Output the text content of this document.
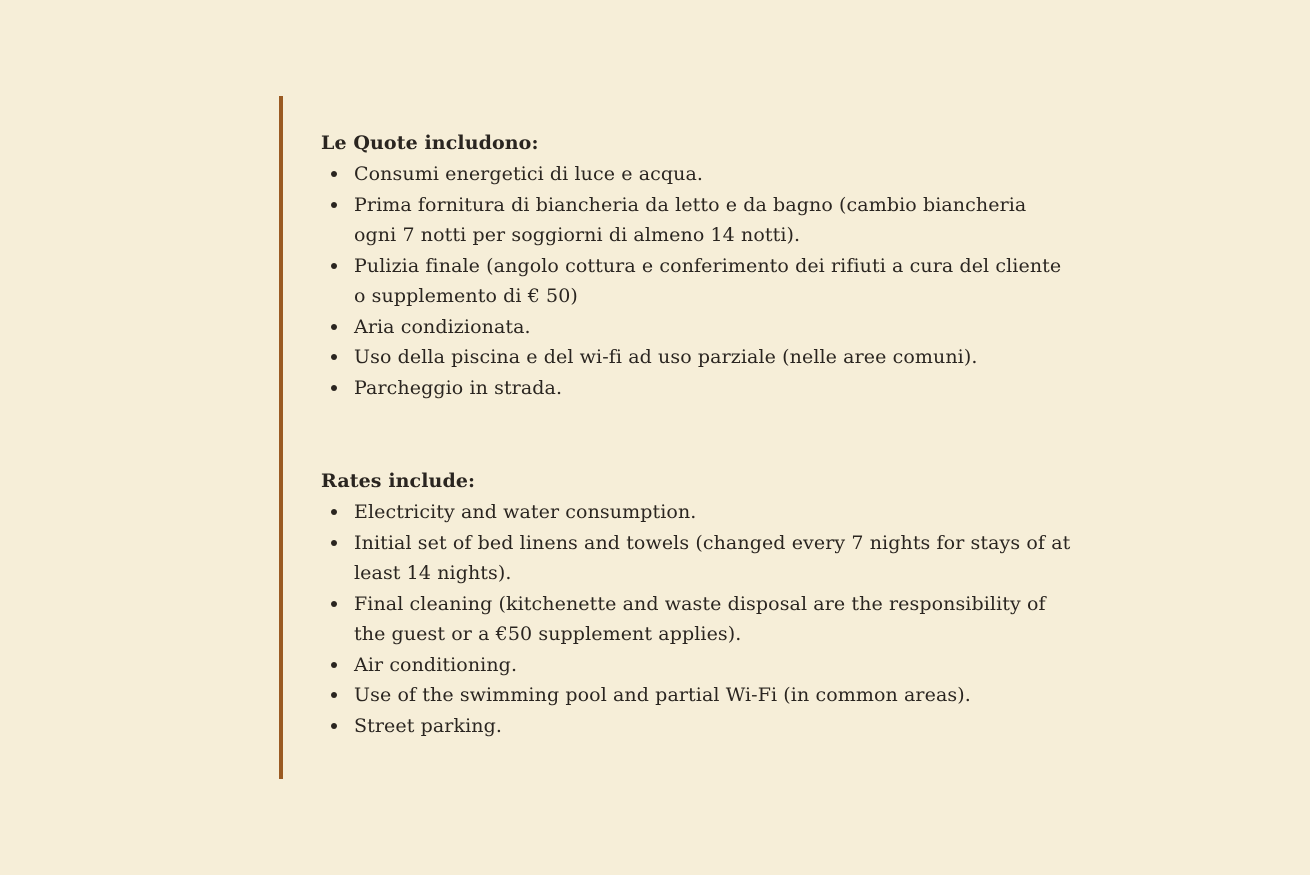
Le Quote includono:
Consumi energetici di luce e acqua.
Prima fornitura di biancheria da letto e da bagno (cambio biancheria ogni 7 notti per soggiorni di almeno 14 notti).
Pulizia finale (angolo cottura e conferimento dei rifiuti a cura del cliente o supplemento di € 50)
Aria condizionata.
Uso della piscina e del wi-fi ad uso parziale (nelle aree comuni).
Parcheggio in strada.
Rates include:
Electricity and water consumption.
Initial set of bed linens and towels (changed every 7 nights for stays of at least 14 nights).
Final cleaning (kitchenette and waste disposal are the responsibility of the guest or a €50 supplement applies).
Air conditioning.
Use of the swimming pool and partial Wi-Fi (in common areas).
Street parking.
